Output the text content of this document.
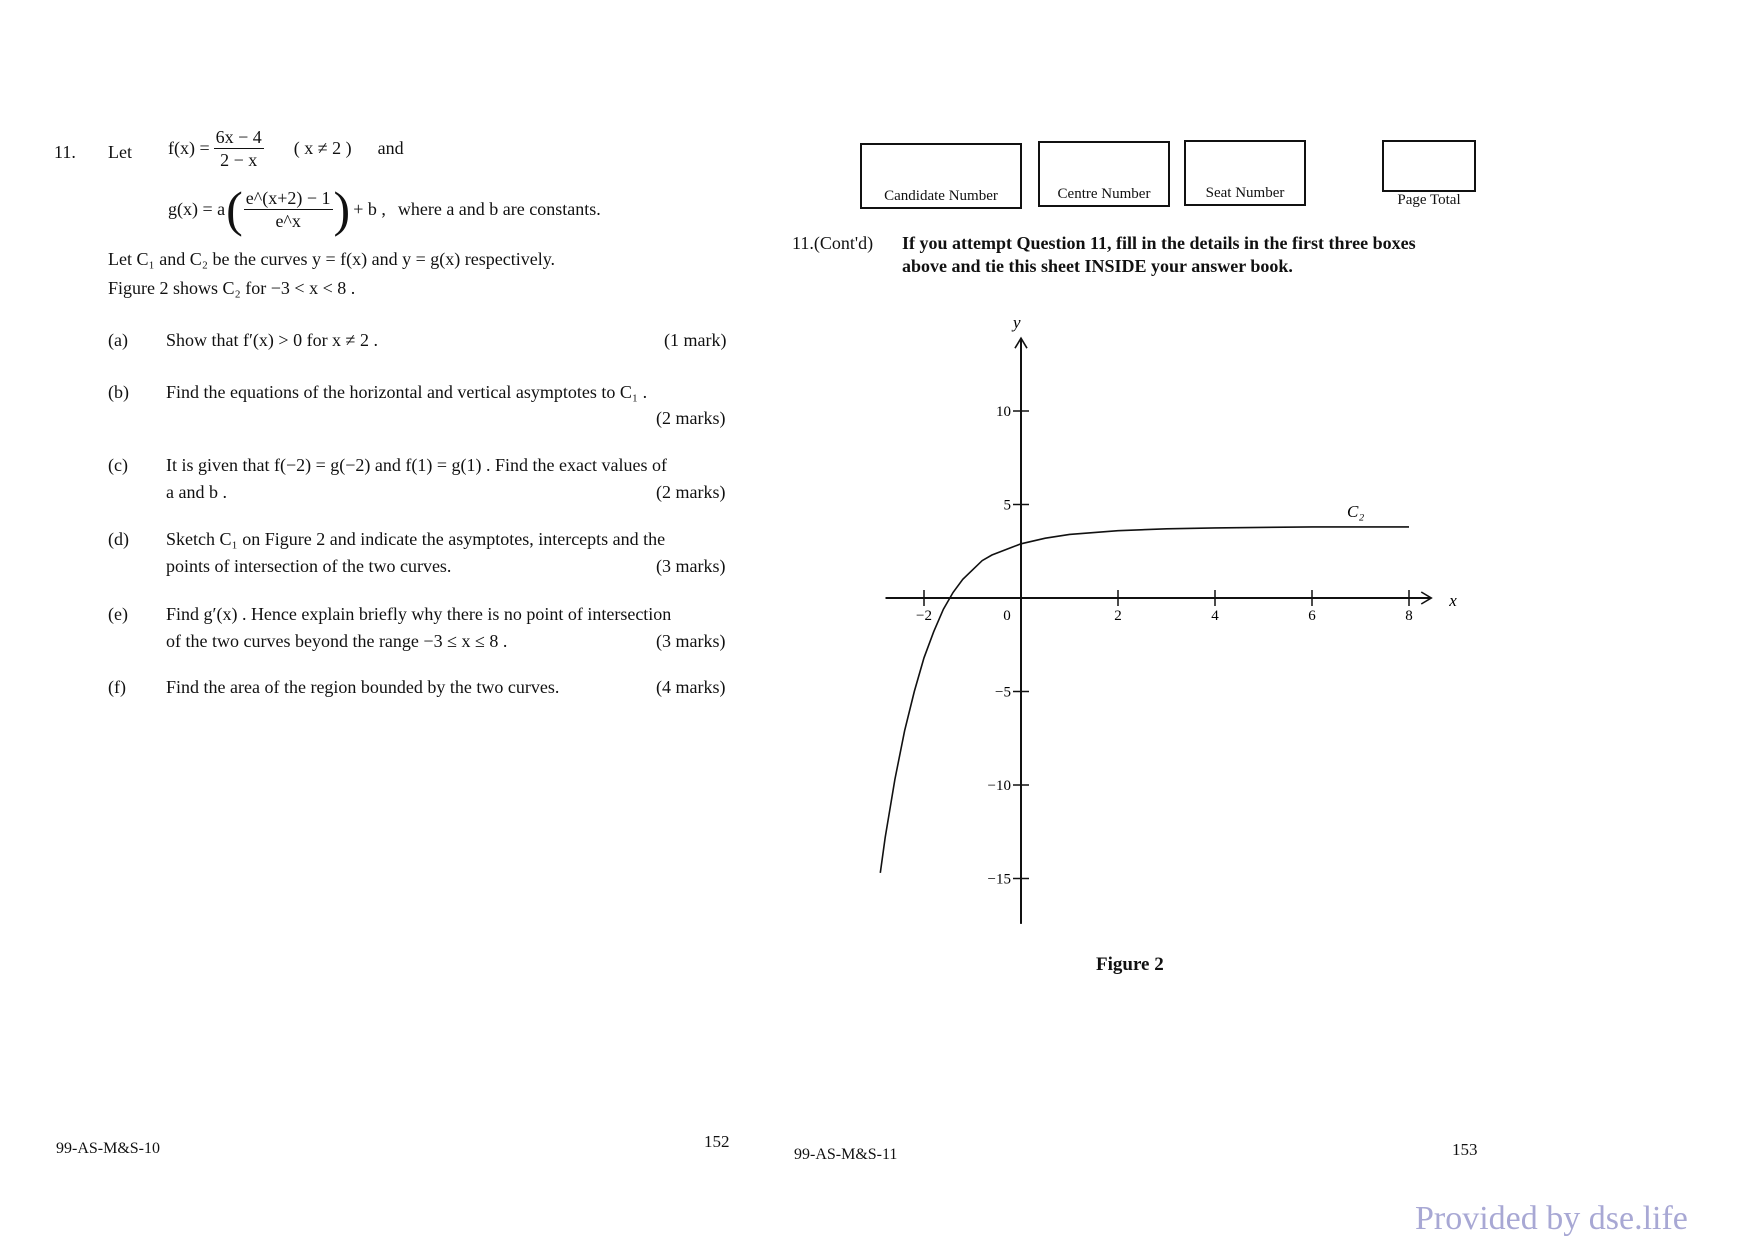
11. Let $f(x) = \frac{6x - 4}{2 - x}$ ( x ≠ 2 ) and
g(x) = a ( $\frac{e\^{}(x+2) - 1}{e\^{}x}$ ) + b , where a and b are constants.
Let C₁ and C₂ be the curves y = f(x) and y = g(x) respectively.
Figure 2 shows C₂ for −3 < x < 8 .
(a) Show that f′(x) > 0 for x ≠ 2 .	(1 mark)
(b) Find the equations of the horizontal and vertical asymptotes to C₁ .
(2 marks)
(c) It is given that f(−2) = g(−2) and f(1) = g(1) . Find the exact values of
a and b .	(2 marks)
(d) Sketch C₁ on Figure 2 and indicate the asymptotes, intercepts and the
points of intersection of the two curves.	(3 marks)
(e) Find g′(x) . Hence explain briefly why there is no point of intersection
of the two curves beyond the range −3 ≤ x ≤ 8 .	(3 marks)
(f) Find the area of the region bounded by the two curves.	(4 marks)
99-AS-M&S-10	152
Candidate Number	Centre Number	Seat Number	Page Total
11.(Cont'd) If you attempt Question 11, fill in the details in the first three boxes
above and tie this sheet INSIDE your answer book.
x
y
−2	0	2	4	6	8
10
5
−5
−10
−15
C₂
Figure 2
99-AS-M&S-11	153
Provided by dse.life
